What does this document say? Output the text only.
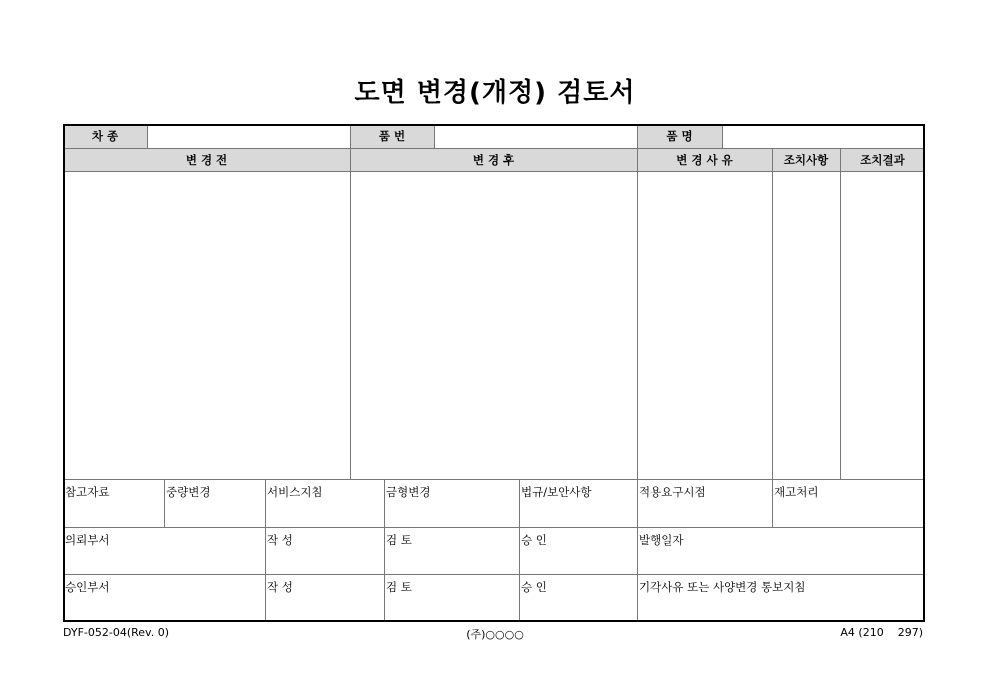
도면 변경(개정) 검토서
차 종	품 번	품 명
변 경 전	변 경 후	변 경 사 유	조치사항	조치결과
참고자료	중량변경	서비스지침	금형변경	법규/보안사항	적용요구시점	재고처리
의뢰부서	작 성	검 토	승 인	발행일자
승인부서	작 성	검 토	승 인	기각사유 또는 사양변경 통보지침
DYF-052-04(Rev. 0)	(주)○○○○	A4 (210    297)
